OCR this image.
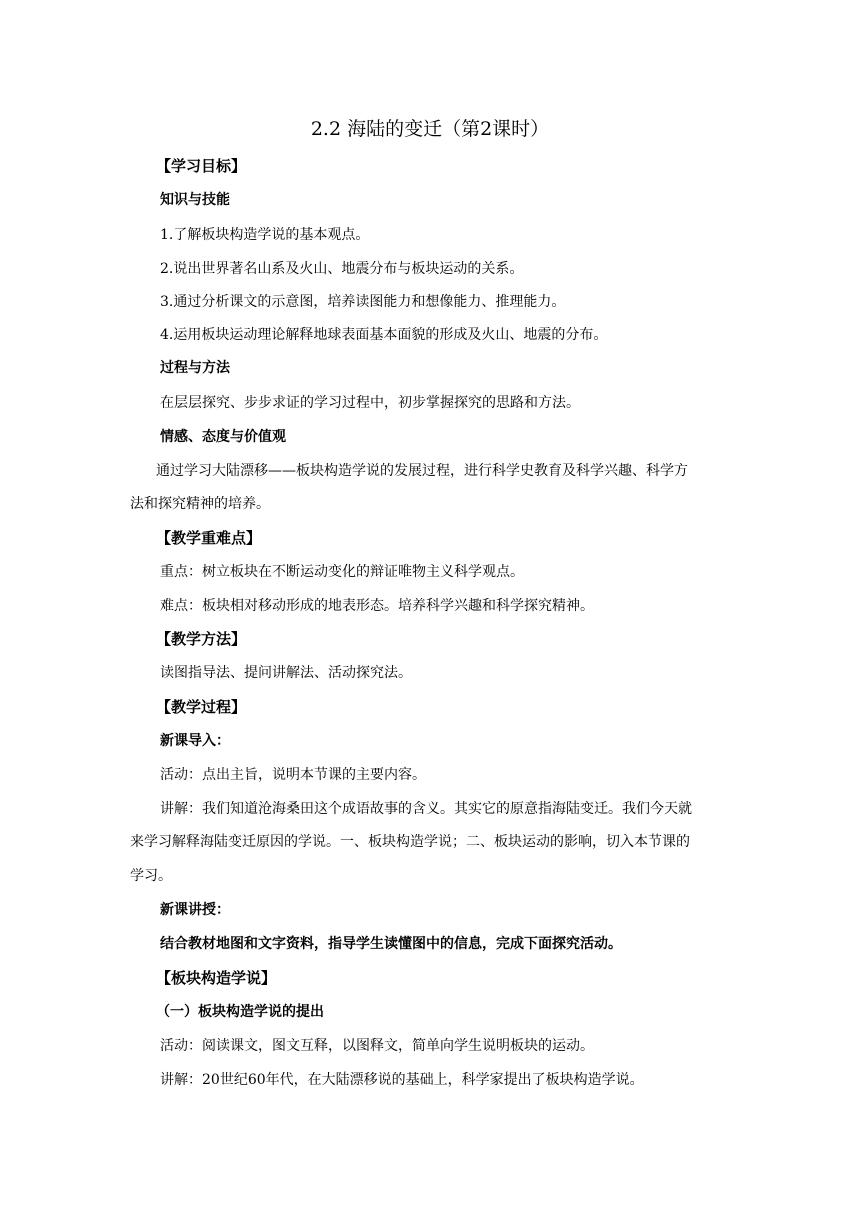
2.2 海陆的变迁（第2课时）
【学习目标】
知识与技能
1.了解板块构造学说的基本观点。
2.说出世界著名山系及火山、地震分布与板块运动的关系。
3.通过分析课文的示意图，培养读图能力和想像能力、推理能力。
4.运用板块运动理论解释地球表面基本面貌的形成及火山、地震的分布。
过程与方法
在层层探究、步步求证的学习过程中，初步掌握探究的思路和方法。
情感、态度与价值观
通过学习大陆漂移——板块构造学说的发展过程，进行科学史教育及科学兴趣、科学方
法和探究精神的培养。
【教学重难点】
重点：树立板块在不断运动变化的辩证唯物主义科学观点。
难点：板块相对移动形成的地表形态。培养科学兴趣和科学探究精神。
【教学方法】
读图指导法、提问讲解法、活动探究法。
【教学过程】
新课导入：
活动：点出主旨，说明本节课的主要内容。
讲解：我们知道沧海桑田这个成语故事的含义。其实它的原意指海陆变迁。我们今天就
来学习解释海陆变迁原因的学说。一、板块构造学说；二、板块运动的影响，切入本节课的
学习。
新课讲授：
结合教材地图和文字资料，指导学生读懂图中的信息，完成下面探究活动。
【板块构造学说】
（一）板块构造学说的提出
活动：阅读课文，图文互释，以图释文，简单向学生说明板块的运动。
讲解：20世纪60年代，在大陆漂移说的基础上，科学家提出了板块构造学说。
